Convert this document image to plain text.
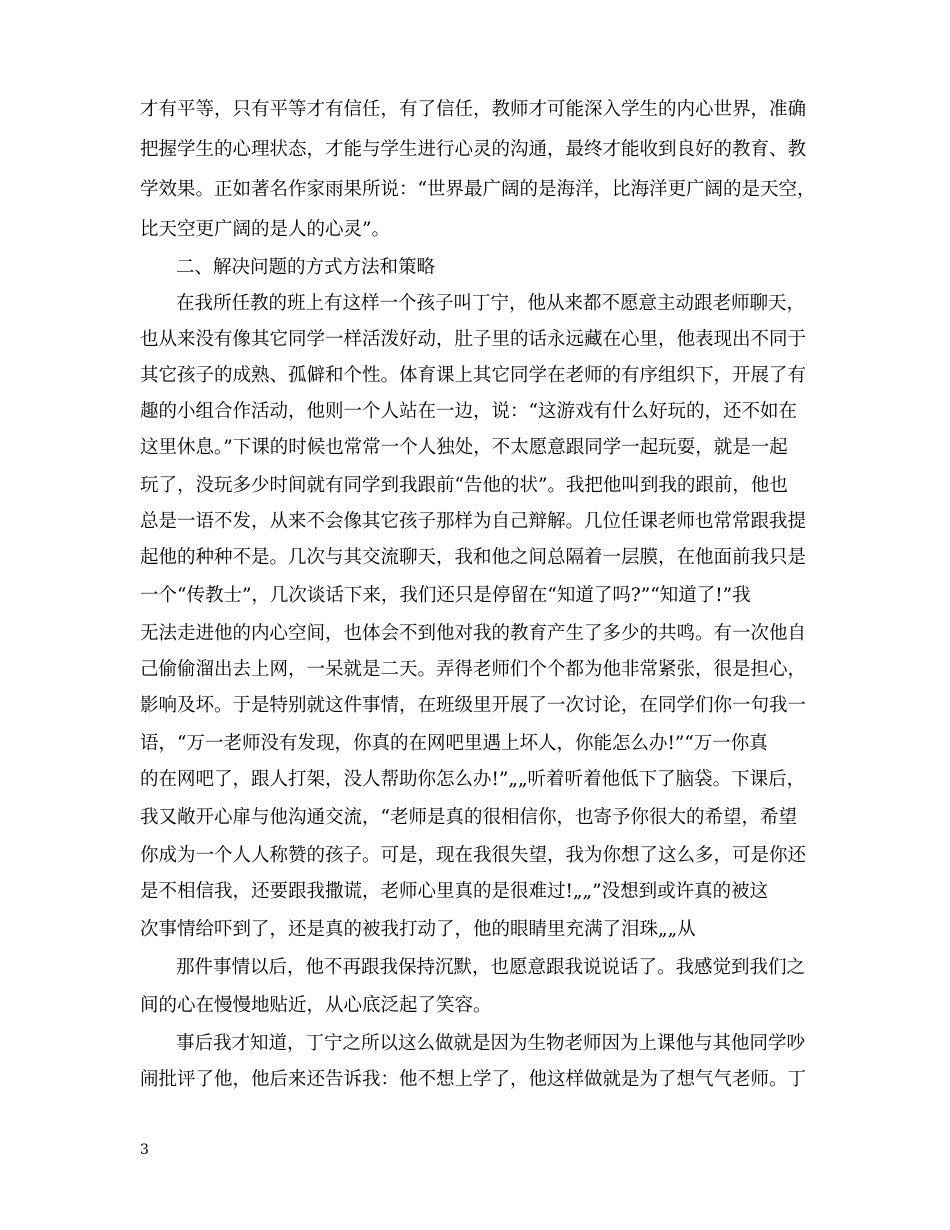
才有平等，只有平等才有信任，有了信任，教师才可能深入学生的内心世界，准确
把握学生的心理状态，才能与学生进行心灵的沟通，最终才能收到良好的教育、教
学效果。正如著名作家雨果所说：“世界最广阔的是海洋，比海洋更广阔的是天空，
比天空更广阔的是人的心灵”。
二、解决问题的方式方法和策略
在我所任教的班上有这样一个孩子叫丁宁，他从来都不愿意主动跟老师聊天，
也从来没有像其它同学一样活泼好动，肚子里的话永远藏在心里，他表现出不同于
其它孩子的成熟、孤僻和个性。体育课上其它同学在老师的有序组织下，开展了有
趣的小组合作活动，他则一个人站在一边，说：“这游戏有什么好玩的，还不如在
这里休息。”下课的时候也常常一个人独处，不太愿意跟同学一起玩耍，就是一起
玩了，没玩多少时间就有同学到我跟前“告他的状”。我把他叫到我的跟前，他也
总是一语不发，从来不会像其它孩子那样为自己辩解。几位任课老师也常常跟我提
起他的种种不是。几次与其交流聊天，我和他之间总隔着一层膜，在他面前我只是
一个“传教士”，几次谈话下来，我们还只是停留在“知道了吗?”“知道了!”我
无法走进他的内心空间，也体会不到他对我的教育产生了多少的共鸣。有一次他自
己偷偷溜出去上网，一呆就是二天。弄得老师们个个都为他非常紧张，很是担心，
影响及坏。于是特别就这件事情，在班级里开展了一次讨论，在同学们你一句我一
语，“万一老师没有发现，你真的在网吧里遇上坏人，你能怎么办!”“万一你真
的在网吧了，跟人打架，没人帮助你怎么办!”„„听着听着他低下了脑袋。下课后，
我又敞开心扉与他沟通交流，“老师是真的很相信你，也寄予你很大的希望，希望
你成为一个人人称赞的孩子。可是，现在我很失望，我为你想了这么多，可是你还
是不相信我，还要跟我撒谎，老师心里真的是很难过!„„”没想到或许真的被这
次事情给吓到了，还是真的被我打动了，他的眼睛里充满了泪珠„„从
那件事情以后，他不再跟我保持沉默，也愿意跟我说说话了。我感觉到我们之
间的心在慢慢地贴近，从心底泛起了笑容。
事后我才知道，丁宁之所以这么做就是因为生物老师因为上课他与其他同学吵
闹批评了他，他后来还告诉我：他不想上学了，他这样做就是为了想气气老师。丁
3
